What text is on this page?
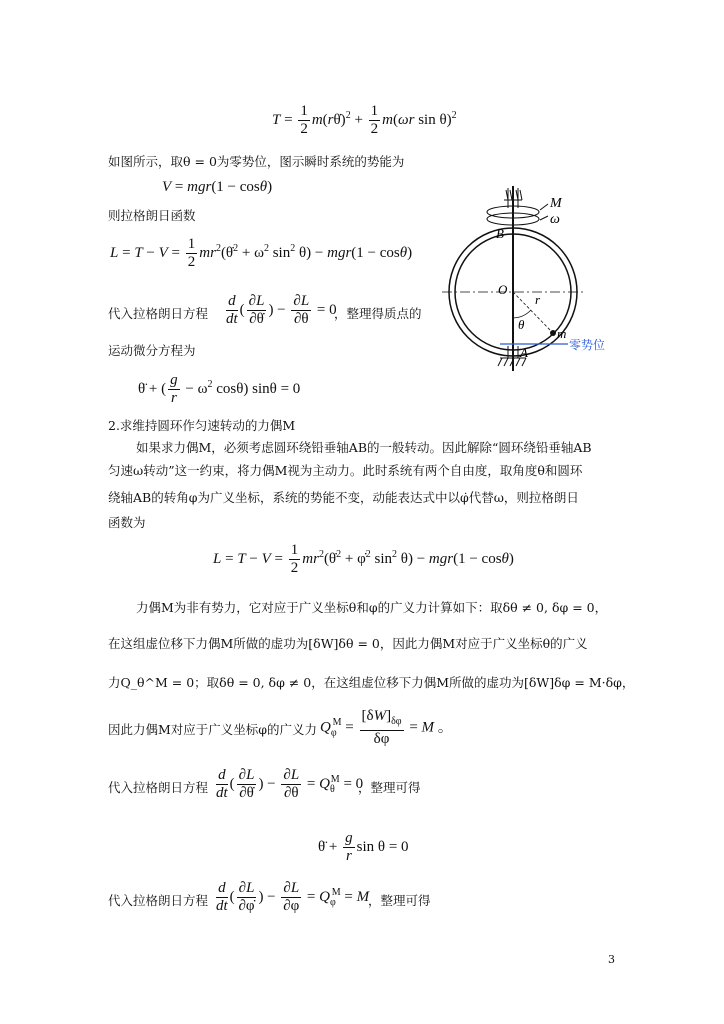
$T = \frac{1}{2}$ m(rθ̇)$^2$ + $\frac{1}{2} m(\omega r$ sin θ)$^2$
如图所示，取θ = 0为零势位，图示瞬时系统的势能为
V = mgr(1 − cosθ)
则拉格朗日函数
$L = T - V = \frac{1}{2}$ $mr^2(\thetȧ^2 + \omega^2$ $\sin^2 \theta) - mgr(1 - \cos\theta)$
代入拉格朗日方程 $\frac{d}{dt}$ ( $\frac{\partial L}{\partial\thetȧ}$ ) − $\frac{\partial L}{\partial\theta} = 0$
，整理得质点的
运动微分方程为
θ̈ + ( $\frac{g}{r} - \omega^2$ cosθ) sinθ = 0
2.求维持圆环作匀速转动的力偶M
如果求力偶M，必须考虑圆环绕铅垂轴AB的一般转动。因此解除“圆环绕铅垂轴AB
匀速ω转动”这一约束，将力偶M视为主动力。此时系统有两个自由度，取角度θ和圆环
绕轴AB的转角φ为广义坐标，系统的势能不变，动能表达式中以φ̇代替ω，则拉格朗日
函数为
$L = T - V = \frac{1}{2}$ $mr^2(\thetȧ^2$ + φ̇$^2$ $\sin^2 \theta) - mgr(1 - \cos\theta)$
力偶M为非有势力，它对应于广义坐标θ和φ的广义力计算如下：取δθ ≠ 0, δφ = 0，
在这组虚位移下力偶M所做的虚功为[δW]δθ = 0，因此力偶M对应于广义坐标θ的广义
力Q_θ^M = 0；取δθ = 0, δφ ≠ 0，在这组虚位移下力偶M所做的虚功为[δW]δφ = M·δφ，
因此力偶M对应于广义坐标φ的广义力 $Q_\varphi^M = \frac{[\delta W]_{\delta\varphi}}{\delta\varphi} = M$ 。
代入拉格朗日方程 $\frac{d}{dt}$ ( $\frac{\partial L}{\partial\thetȧ}$ ) − $\frac{\partial L}{\partial\theta} = Q_\theta^M = 0$
，整理可得
θ̈ + $\frac{g}{r}$ sin θ = 0
代入拉格朗日方程 $\frac{d}{dt}$ ( $\frac{\partial L}{\partial\varphi̇}$ ) − $\frac{\partial L}{\partial\varphi} = Q_\varphi^M = M$
，整理可得
3
M
ω
B
O
r
θ
m
零势位
A
